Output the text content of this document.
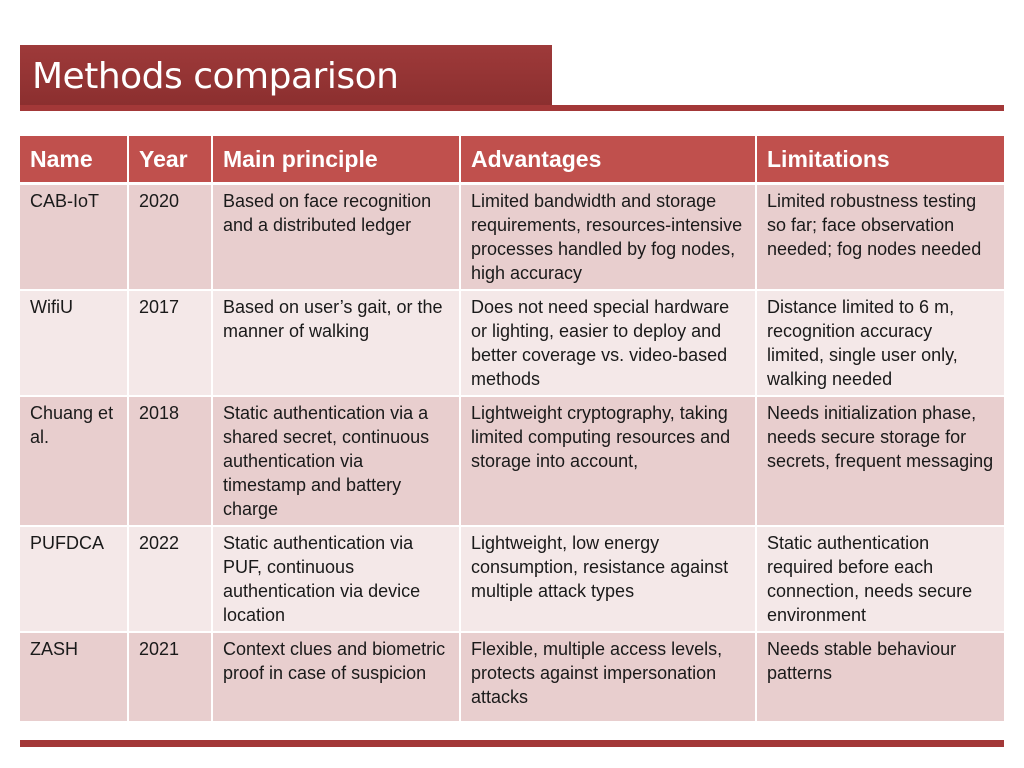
Methods comparison
Name	Year	Main principle	Advantages	Limitations
CAB-IoT	2020	Based on face recognition and a distributed ledger	Limited bandwidth and storage requirements, resources-intensive processes handled by fog nodes, high accuracy	Limited robustness testing so far; face observation needed; fog nodes needed
WifiU	2017	Based on user’s gait, or the manner of walking	Does not need special hardware or lighting, easier to deploy and better coverage vs. video-based methods	Distance limited to 6 m, recognition accuracy limited, single user only, walking needed
Chuang et al.	2018	Static authentication via a shared secret, continuous authentication via timestamp and battery charge	Lightweight cryptography, taking limited computing resources and storage into account,	Needs initialization phase, needs secure storage for secrets, frequent messaging
PUFDCA	2022	Static authentication via PUF, continuous authentication via device location	Lightweight, low energy consumption, resistance against multiple attack types	Static authentication required before each connection, needs secure environment
ZASH	2021	Context clues and biometric proof in case of suspicion	Flexible, multiple access levels, protects against impersonation attacks	Needs stable behaviour patterns
